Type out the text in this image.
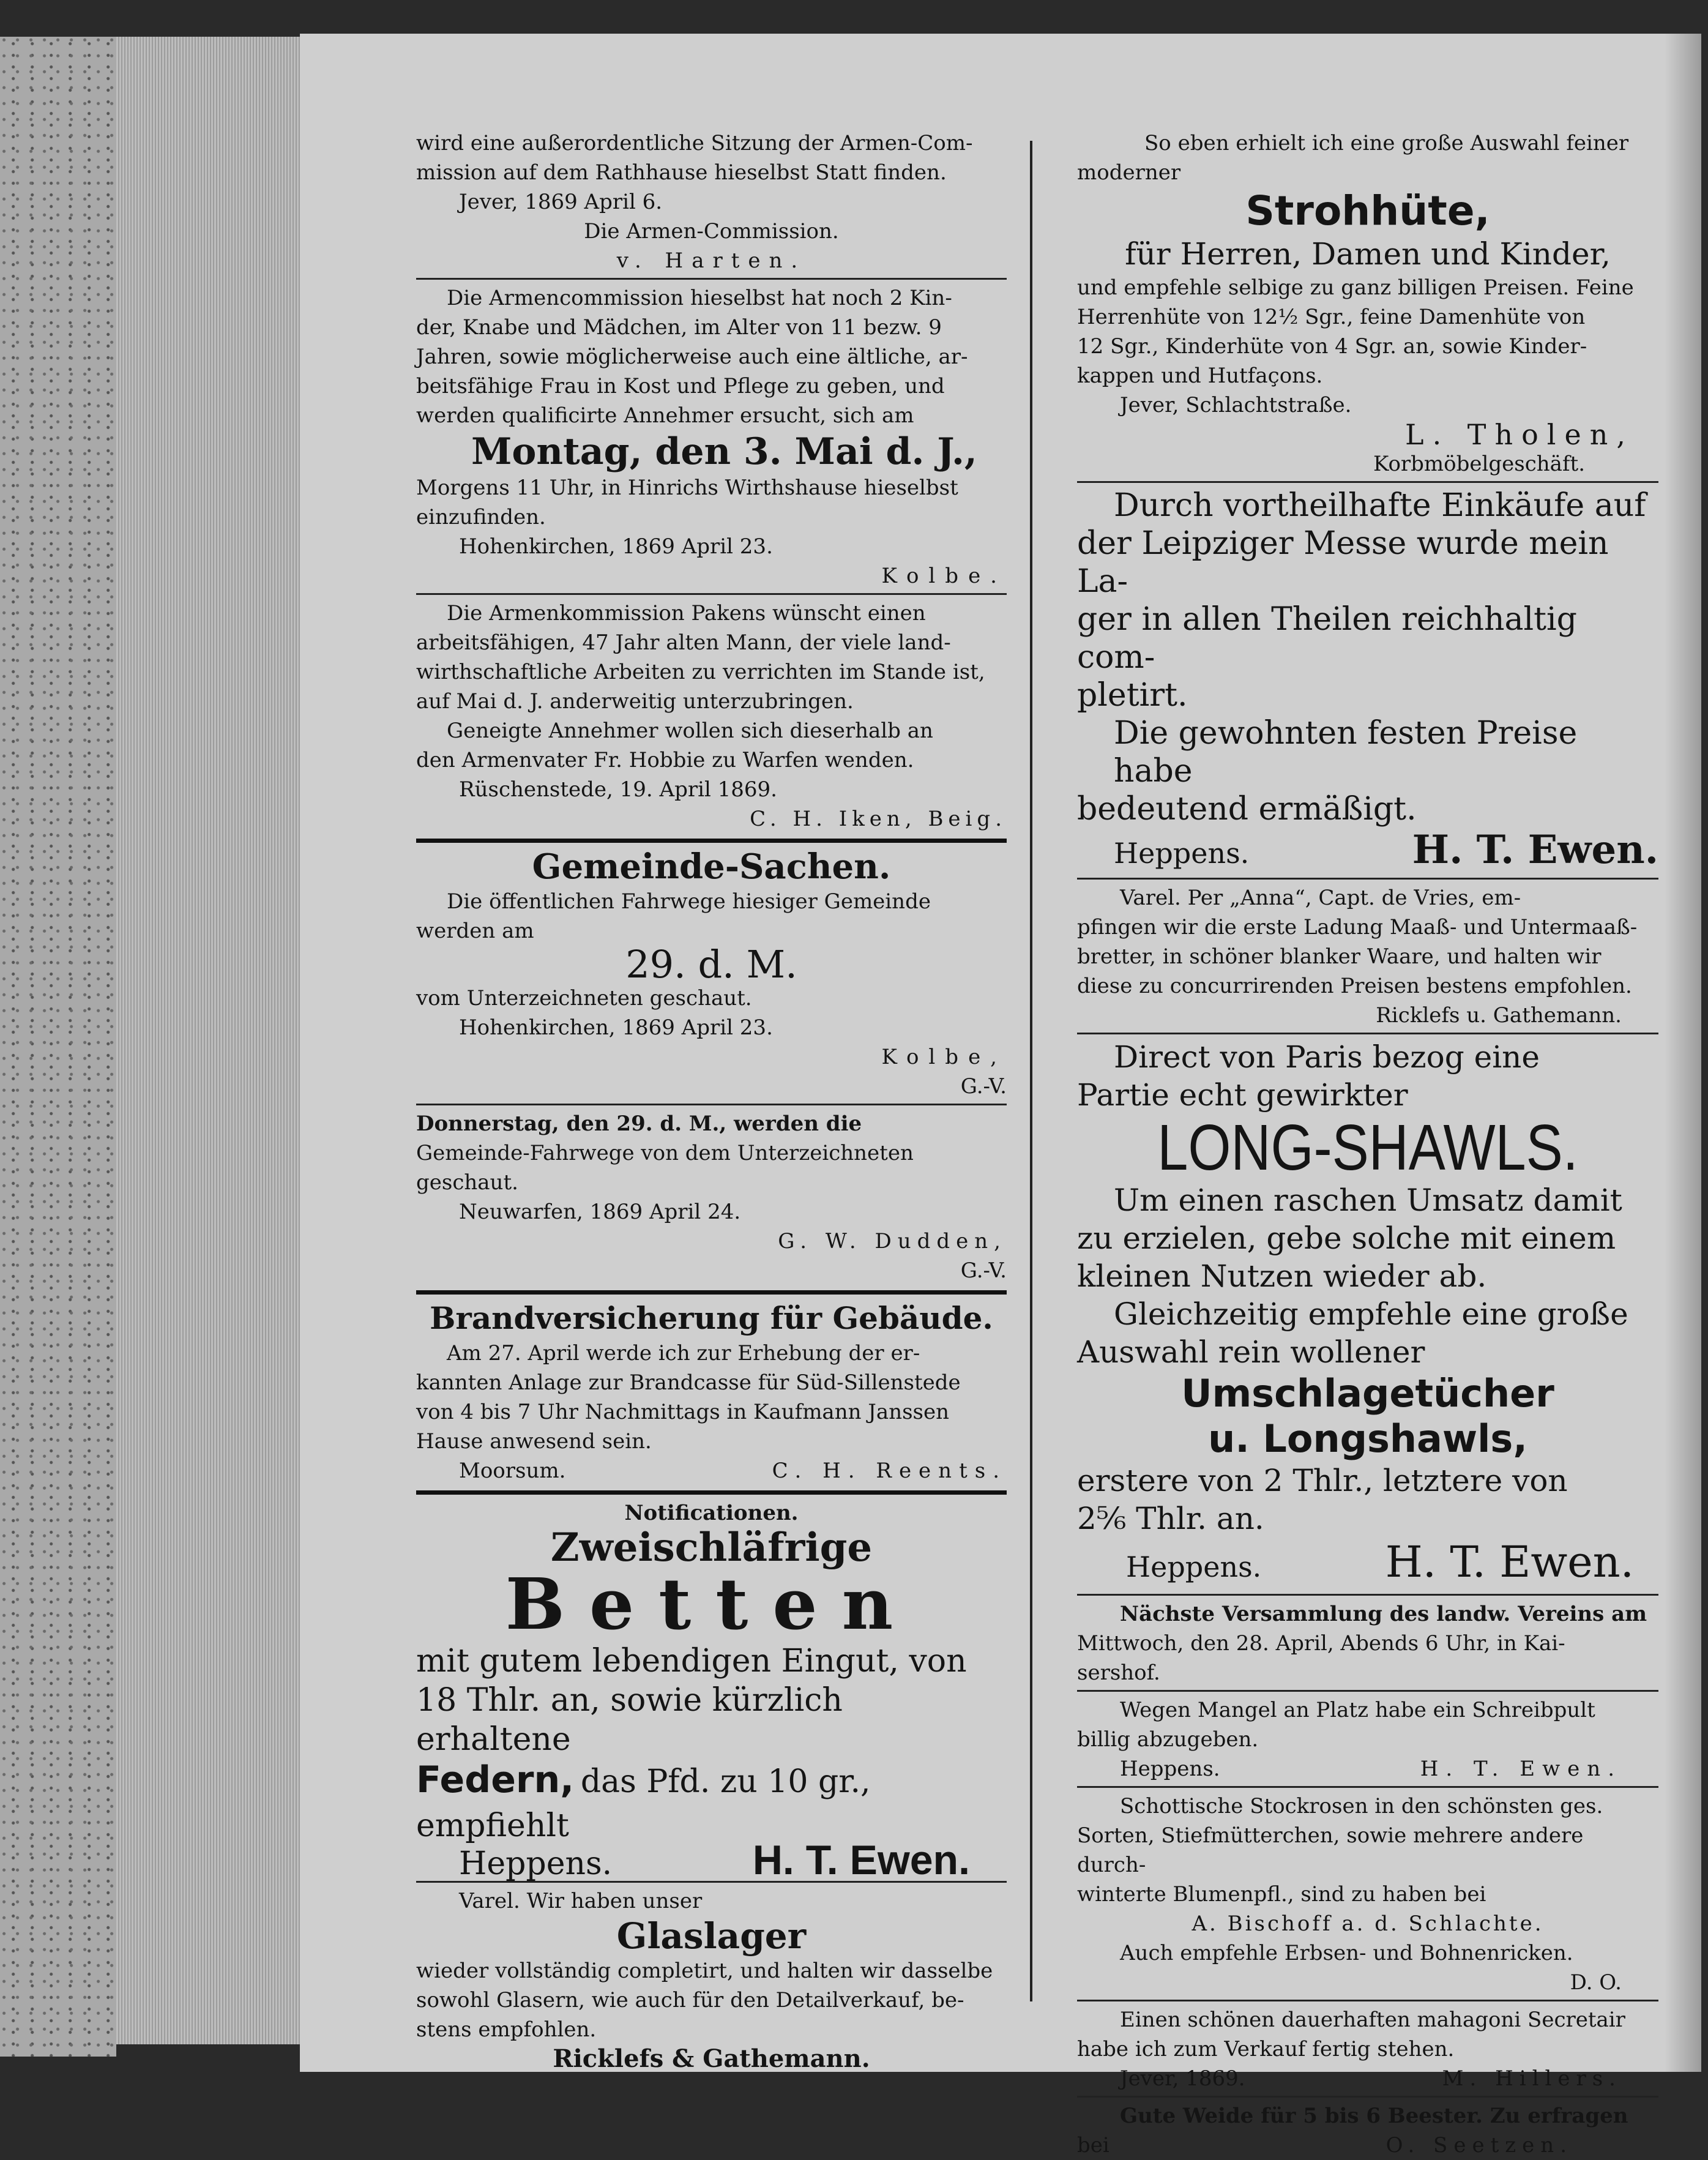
wird eine außerordentliche Sitzung der Armen-Com-
mission auf dem Rathhause hieselbst Statt finden.
Jever, 1869 April 6.
Die Armen-Commission.
v. Harten.
Die Armencommission hieselbst hat noch 2 Kin-
der, Knabe und Mädchen, im Alter von 11 bezw. 9
Jahren, sowie möglicherweise auch eine ältliche, ar-
beitsfähige Frau in Kost und Pflege zu geben, und
werden qualificirte Annehmer ersucht, sich am
Montag, den 3. Mai d. J.,
Morgens 11 Uhr, in Hinrichs Wirthshause hieselbst
einzufinden.
Hohenkirchen, 1869 April 23.
Kolbe.
Die Armenkommission Pakens wünscht einen
arbeitsfähigen, 47 Jahr alten Mann, der viele land-
wirthschaftliche Arbeiten zu verrichten im Stande ist,
auf Mai d. J. anderweitig unterzubringen.
Geneigte Annehmer wollen sich dieserhalb an
den Armenvater Fr. Hobbie zu Warfen wenden.
Rüschenstede, 19. April 1869.
C. H. Iken, Beig.
Gemeinde-Sachen.
Die öffentlichen Fahrwege hiesiger Gemeinde
werden am
29. d. M.
vom Unterzeichneten geschaut.
Hohenkirchen, 1869 April 23.
Kolbe,
G.-V.
Donnerstag, den 29. d. M., werden die
Gemeinde-Fahrwege von dem Unterzeichneten geschaut.
Neuwarfen, 1869 April 24.
G. W. Dudden,
G.-V.
Brandversicherung für Gebäude.
Am 27. April werde ich zur Erhebung der er-
kannten Anlage zur Brandcasse für Süd-Sillenstede
von 4 bis 7 Uhr Nachmittags in Kaufmann Janssen
Hause anwesend sein.
Moorsum.	C. H. Reents.
Notificationen.
Zweischläfrige
Betten
mit gutem lebendigen Eingut, von
18 Thlr. an, sowie kürzlich erhaltene
Federn, das Pfd. zu 10 gr.,
empfiehlt
Heppens.	H. T. Ewen.
Varel. Wir haben unser
Glaslager
wieder vollständig completirt, und halten wir dasselbe
sowohl Glasern, wie auch für den Detailverkauf, be-
stens empfohlen.
Ricklefs & Gathemann.
So eben erhielt ich eine große Auswahl feiner
moderner
Strohhüte,
für Herren, Damen und Kinder,
und empfehle selbige zu ganz billigen Preisen. Feine
Herrenhüte von 12½ Sgr., feine Damenhüte von
12 Sgr., Kinderhüte von 4 Sgr. an, sowie Kinder-
kappen und Hutfaçons.
Jever, Schlachtstraße.
L. Tholen,
Korbmöbelgeschäft.
Durch vortheilhafte Einkäufe auf
der Leipziger Messe wurde mein La-
ger in allen Theilen reichhaltig com-
pletirt.
Die gewohnten festen Preise habe
bedeutend ermäßigt.
Heppens.	H. T. Ewen.
Varel. Per „Anna“, Capt. de Vries, em-
pfingen wir die erste Ladung Maaß- und Untermaaß-
bretter, in schöner blanker Waare, und halten wir
diese zu concurrirenden Preisen bestens empfohlen.
Ricklefs u. Gathemann.
Direct von Paris bezog eine
Partie echt gewirkter
LONG-SHAWLS.
Um einen raschen Umsatz damit
zu erzielen, gebe solche mit einem
kleinen Nutzen wieder ab.
Gleichzeitig empfehle eine große
Auswahl rein wollener
Umschlagetücher
u. Longshawls,
erstere von 2 Thlr., letztere von
2⁵⁄₆ Thlr. an.
Heppens.	H. T. Ewen.
Nächste Versammlung des landw. Vereins am
Mittwoch, den 28. April, Abends 6 Uhr, in Kai-
sershof.
Wegen Mangel an Platz habe ein Schreibpult
billig abzugeben.
Heppens.	H. T. Ewen.
Schottische Stockrosen in den schönsten ges.
Sorten, Stiefmütterchen, sowie mehrere andere durch-
winterte Blumenpfl., sind zu haben bei
A. Bischoff a. d. Schlachte.
Auch empfehle Erbsen- und Bohnenricken.
D. O.
Einen schönen dauerhaften mahagoni Secretair
habe ich zum Verkauf fertig stehen.
Jever, 1869.	M. Hillers.
Gute Weide für 5 bis 6 Beester. Zu erfragen
bei	O. Seetzen.
